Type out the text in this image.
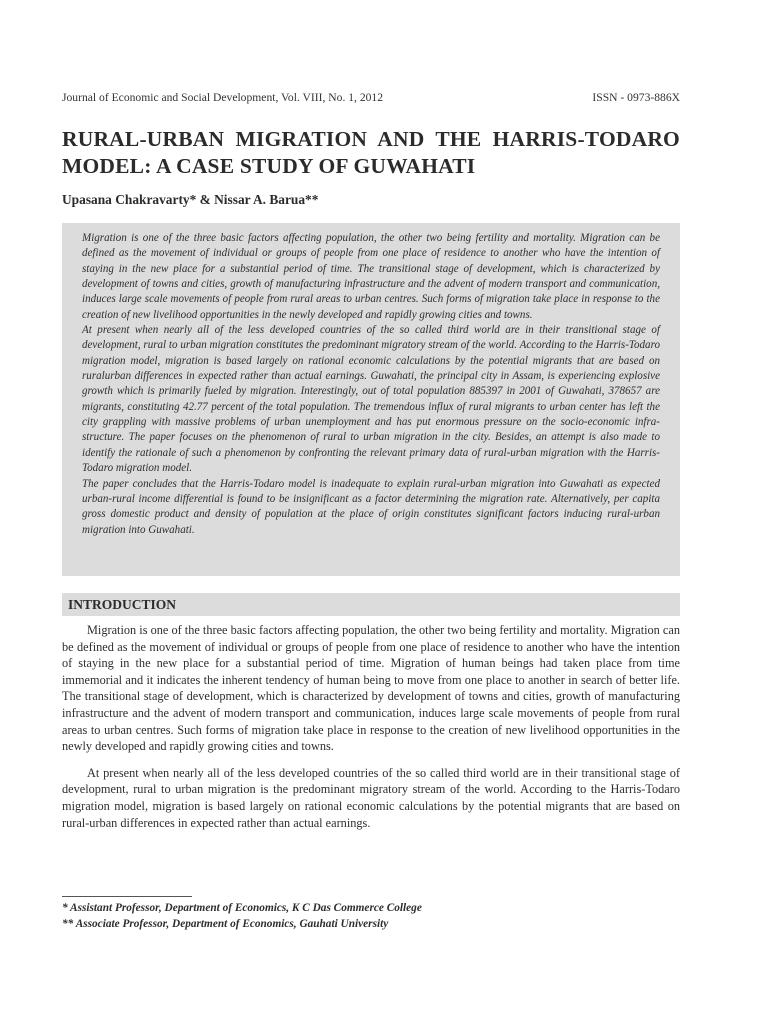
Journal of Economic and Social Development, Vol. VIII, No. 1, 2012	ISSN - 0973-886X
RURAL-URBAN MIGRATION AND THE HARRIS-TODARO MODEL: A CASE STUDY OF GUWAHATI
Upasana Chakravarty* & Nissar A. Barua**

Migration is one of the three basic factors affecting population, the other two being fertility and mortality. Migration can be defined as the movement of individual or groups of people from one place of residence to another who have the intention of staying in the new place for a substantial period of time. The transitional stage of development, which is characterized by development of towns and cities, growth of manufacturing infrastructure and the advent of modern transport and communication, induces large scale movements of people from rural areas to urban centres. Such forms of migration take place in response to the creation of new livelihood opportunities in the newly developed and rapidly growing cities and towns.

At present when nearly all of the less developed countries of the so called third world are in their transitional stage of development, rural to urban migration constitutes the predominant migratory stream of the world. According to the Harris-Todaro migration model, migration is based largely on rational economic calculations by the potential migrants that are based on ruralurban differences in expected rather than actual earnings. Guwahati, the principal city in Assam, is experiencing explosive growth which is primarily fueled by migration. Interestingly, out of total population 885397 in 2001 of Guwahati, 378657 are migrants, constituting 42.77 percent of the total population. The tremendous influx of rural migrants to urban center has left the city grappling with massive problems of urban unemployment and has put enormous pressure on the socio-economic infra-structure. The paper focuses on the phenomenon of rural to urban migration in the city. Besides, an attempt is also made to identify the rationale of such a phenomenon by confronting the relevant primary data of rural-urban migration with the Harris- Todaro migration model.

The paper concludes that the Harris-Todaro model is inadequate to explain rural-urban migration into Guwahati as expected urban-rural income differential is found to be insignificant as a factor determining the migration rate. Alternatively, per capita gross domestic product and density of population at the place of origin constitutes significant factors inducing rural-urban migration into Guwahati.

INTRODUCTION

Migration is one of the three basic factors affecting population, the other two being fertility and mortality. Migration can be defined as the movement of individual or groups of people from one place of residence to another who have the intention of staying in the new place for a substantial period of time. Migration of human beings had taken place from time immemorial and it indicates the inherent tendency of human being to move from one place to another in search of better life. The transitional stage of development, which is characterized by development of towns and cities, growth of manufacturing infrastructure and the advent of modern transport and communication, induces large scale movements of people from rural areas to urban centres. Such forms of migration take place in response to the creation of new livelihood opportunities in the newly developed and rapidly growing cities and towns.

At present when nearly all of the less developed countries of the so called third world are in their transitional stage of development, rural to urban migration is the predominant migratory stream of the world. According to the Harris-Todaro migration model, migration is based largely on rational economic calculations by the potential migrants that are based on rural-urban differences in expected rather than actual earnings.

* Assistant Professor, Department of Economics, K C Das Commerce College
** Associate Professor, Department of Economics, Gauhati University
